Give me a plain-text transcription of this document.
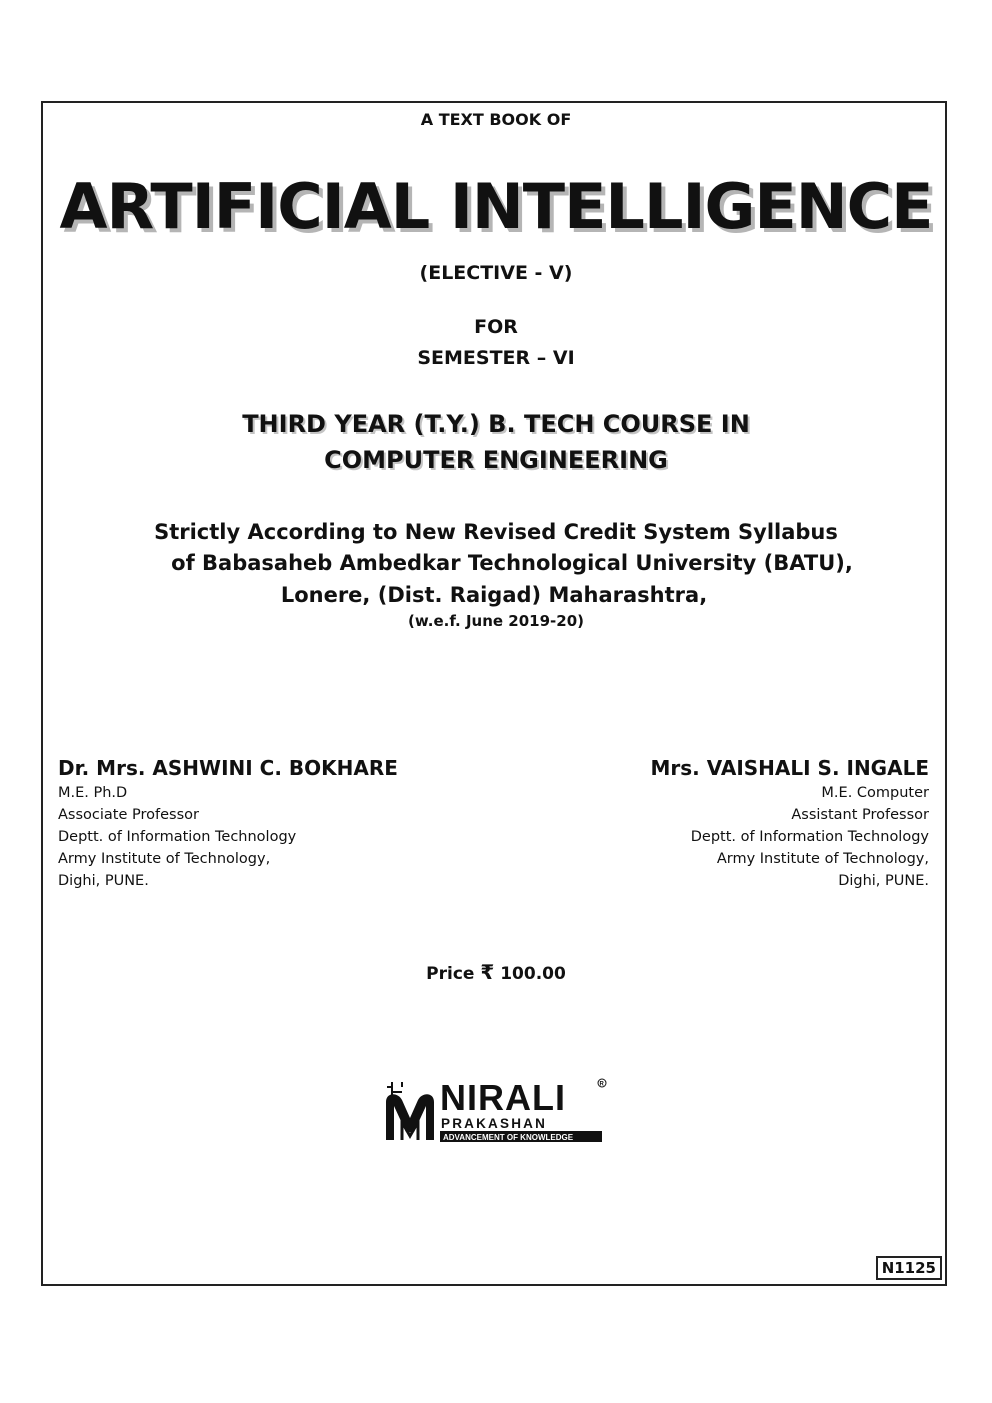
A TEXT BOOK OF
ARTIFICIAL INTELLIGENCE
(ELECTIVE - V)
FOR
SEMESTER – VI
THIRD YEAR (T.Y.) B. TECH COURSE IN
COMPUTER ENGINEERING
Strictly According to New Revised Credit System Syllabus
of Babasaheb Ambedkar Technological University (BATU),
Lonere, (Dist. Raigad) Maharashtra,
(w.e.f. June 2019-20)
Dr. Mrs. ASHWINI C. BOKHARE
M.E. Ph.D
Associate Professor
Deptt. of Information Technology
Army Institute of Technology,
Dighi, PUNE.
Mrs. VAISHALI S. INGALE
M.E. Computer
Assistant Professor
Deptt. of Information Technology
Army Institute of Technology,
Dighi, PUNE.
Price ₹ 100.00
NIRALI
PRAKASHAN
ADVANCEMENT OF KNOWLEDGE
R
N1125
